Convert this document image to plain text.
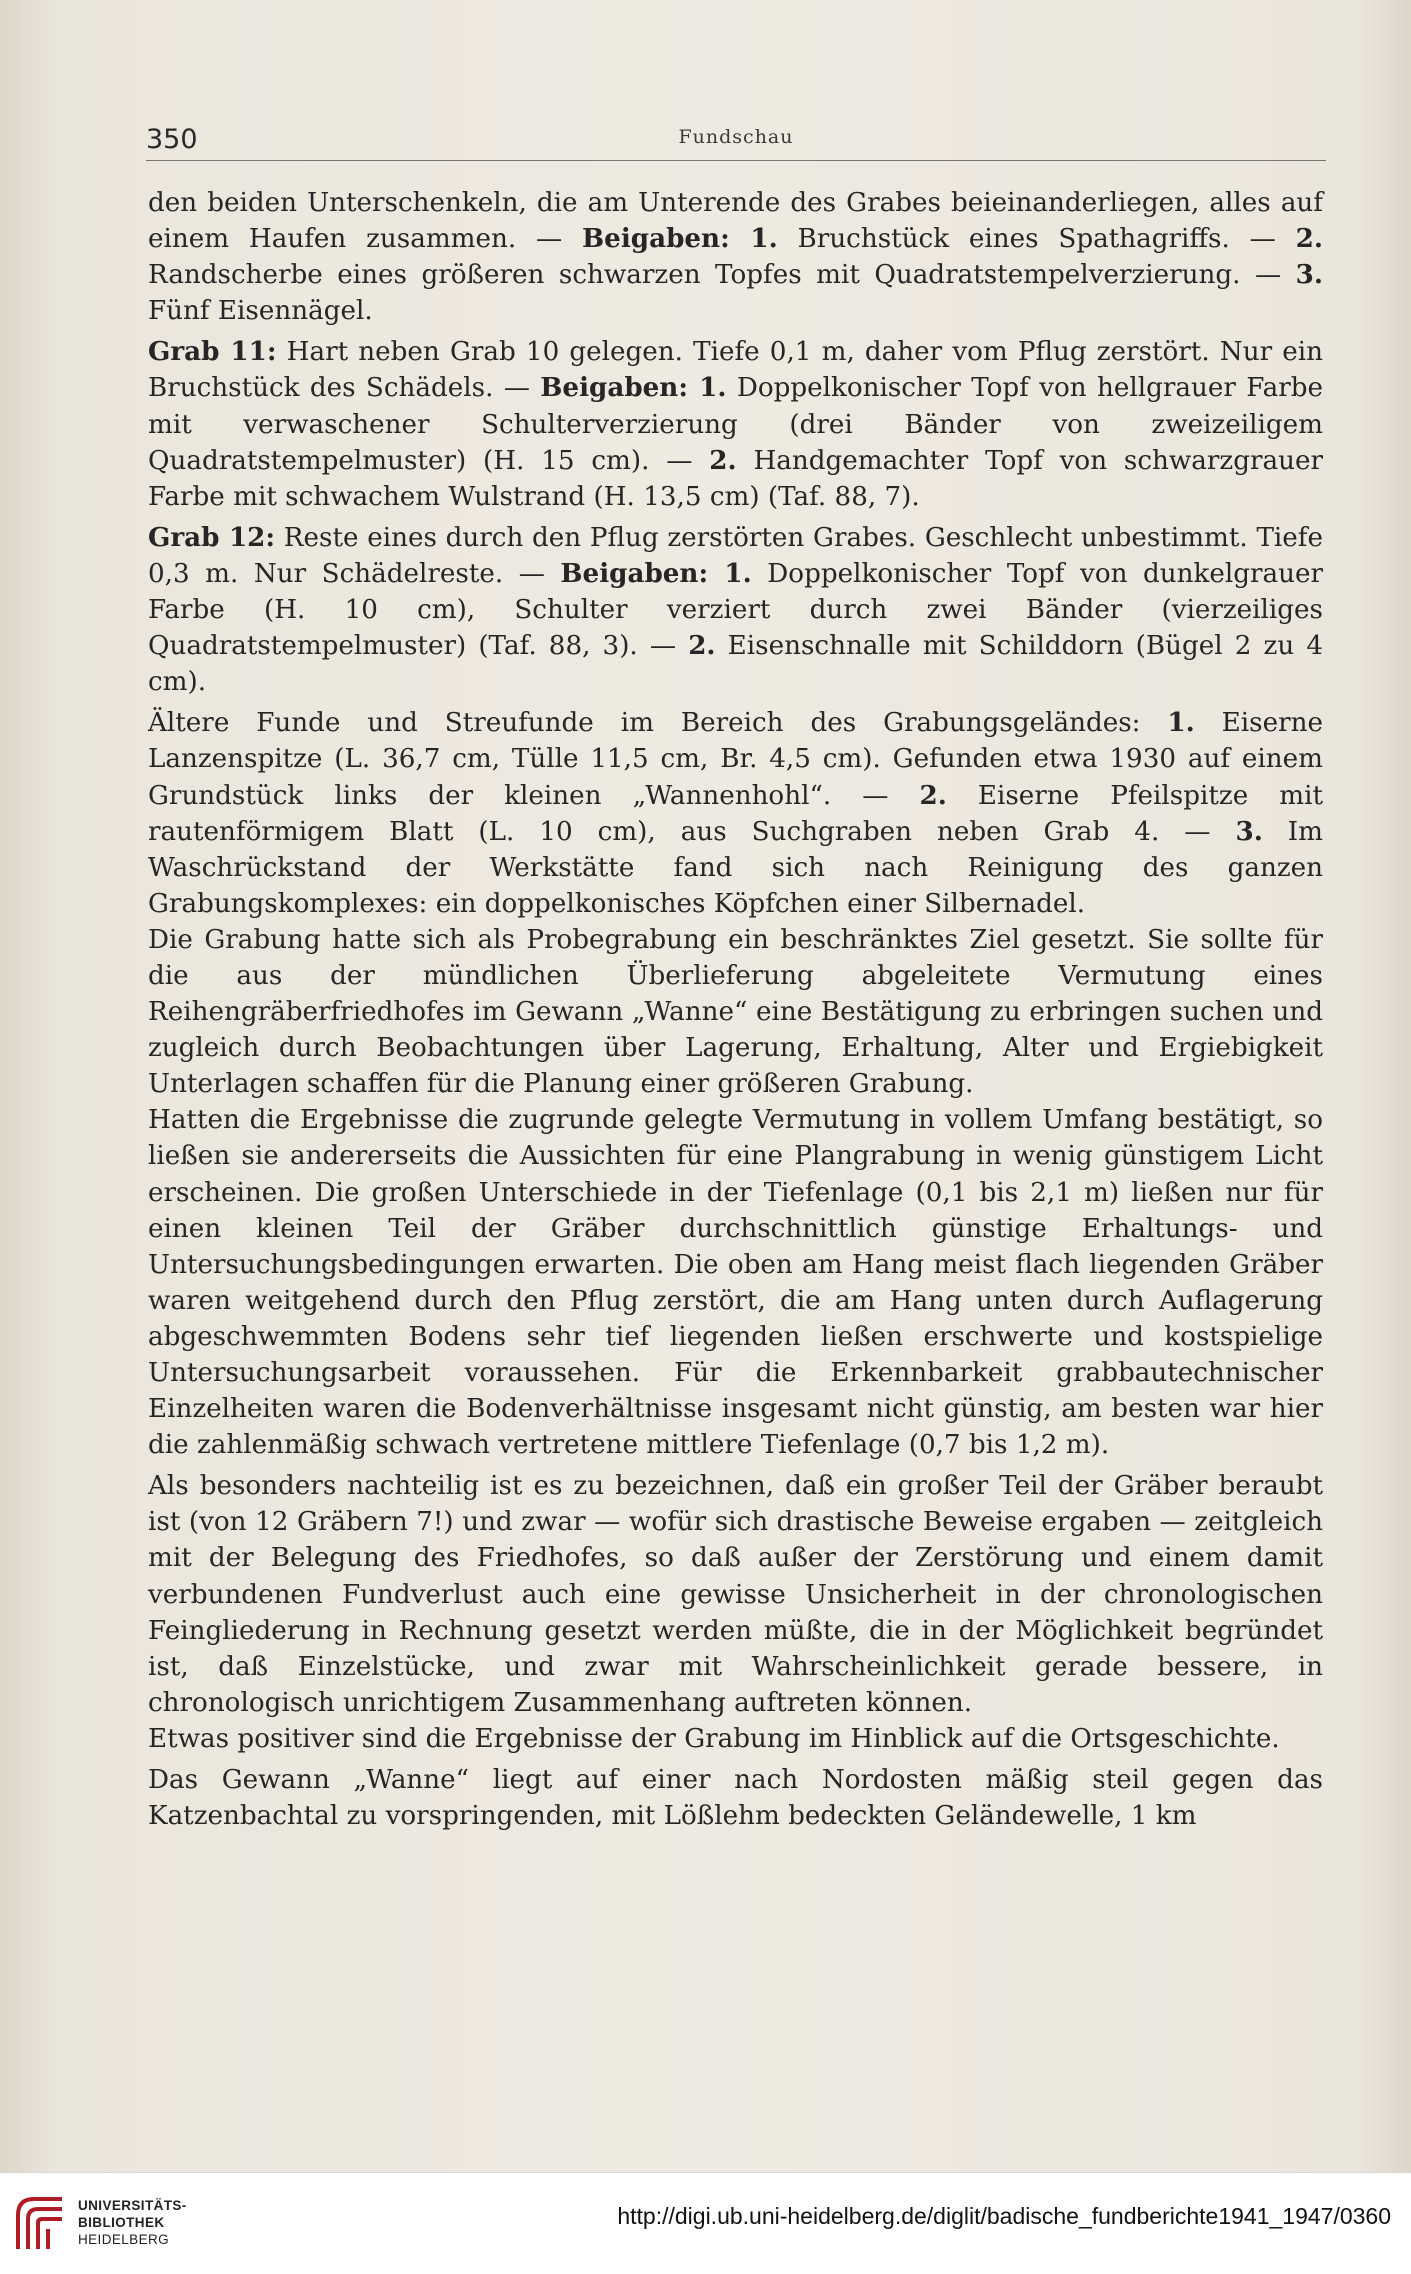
350	Fundschau

den beiden Unterschenkeln, die am Unterende des Grabes beieinanderliegen, alles auf einem Haufen zusammen. — Beigaben: 1. Bruchstück eines Spathagriffs. — 2. Randscherbe eines größeren schwarzen Topfes mit Quadratstempelverzierung. — 3. Fünf Eisennägel.

Grab 11: Hart neben Grab 10 gelegen. Tiefe 0,1 m, daher vom Pflug zerstört. Nur ein Bruchstück des Schädels. — Beigaben: 1. Doppelkonischer Topf von hellgrauer Farbe mit verwaschener Schulterverzierung (drei Bänder von zweizeiligem Quadratstempelmuster) (H. 15 cm). — 2. Handgemachter Topf von schwarzgrauer Farbe mit schwachem Wulstrand (H. 13,5 cm) (Taf. 88, 7).

Grab 12: Reste eines durch den Pflug zerstörten Grabes. Geschlecht unbestimmt. Tiefe 0,3 m. Nur Schädelreste. — Beigaben: 1. Doppelkonischer Topf von dunkelgrauer Farbe (H. 10 cm), Schulter verziert durch zwei Bänder (vierzeiliges Quadratstempelmuster) (Taf. 88, 3). — 2. Eisenschnalle mit Schilddorn (Bügel 2 zu 4 cm).

Ältere Funde und Streufunde im Bereich des Grabungsgeländes: 1. Eiserne Lanzenspitze (L. 36,7 cm, Tülle 11,5 cm, Br. 4,5 cm). Gefunden etwa 1930 auf einem Grundstück links der kleinen „Wannenhohl“. — 2. Eiserne Pfeilspitze mit rautenförmigem Blatt (L. 10 cm), aus Suchgraben neben Grab 4. — 3. Im Waschrückstand der Werkstätte fand sich nach Reinigung des ganzen Grabungskomplexes: ein doppelkonisches Köpfchen einer Silbernadel.

Die Grabung hatte sich als Probegrabung ein beschränktes Ziel gesetzt. Sie sollte für die aus der mündlichen Überlieferung abgeleitete Vermutung eines Reihengräberfriedhofes im Gewann „Wanne“ eine Bestätigung zu erbringen suchen und zugleich durch Beobachtungen über Lagerung, Erhaltung, Alter und Ergiebigkeit Unterlagen schaffen für die Planung einer größeren Grabung.

Hatten die Ergebnisse die zugrunde gelegte Vermutung in vollem Umfang bestätigt, so ließen sie andererseits die Aussichten für eine Plangrabung in wenig günstigem Licht erscheinen. Die großen Unterschiede in der Tiefenlage (0,1 bis 2,1 m) ließen nur für einen kleinen Teil der Gräber durchschnittlich günstige Erhaltungs- und Untersuchungsbedingungen erwarten. Die oben am Hang meist flach liegenden Gräber waren weitgehend durch den Pflug zerstört, die am Hang unten durch Auflagerung abgeschwemmten Bodens sehr tief liegenden ließen erschwerte und kostspielige Untersuchungsarbeit voraussehen. Für die Erkennbarkeit grabbautechnischer Einzelheiten waren die Bodenverhältnisse insgesamt nicht günstig, am besten war hier die zahlenmäßig schwach vertretene mittlere Tiefenlage (0,7 bis 1,2 m).

Als besonders nachteilig ist es zu bezeichnen, daß ein großer Teil der Gräber beraubt ist (von 12 Gräbern 7!) und zwar — wofür sich drastische Beweise ergaben — zeitgleich mit der Belegung des Friedhofes, so daß außer der Zerstörung und einem damit verbundenen Fundverlust auch eine gewisse Unsicherheit in der chronologischen Feingliederung in Rechnung gesetzt werden müßte, die in der Möglichkeit begründet ist, daß Einzelstücke, und zwar mit Wahrscheinlichkeit gerade bessere, in chronologisch unrichtigem Zusammenhang auftreten können.

Etwas positiver sind die Ergebnisse der Grabung im Hinblick auf die Ortsgeschichte.

Das Gewann „Wanne“ liegt auf einer nach Nordosten mäßig steil gegen das Katzenbachtal zu vorspringenden, mit Lößlehm bedeckten Geländewelle, 1 km

UNIVERSITÄTS-
BIBLIOTHEK
HEIDELBERG
http://digi.ub.uni-heidelberg.de/diglit/badische_fundberichte1941_1947/0360
